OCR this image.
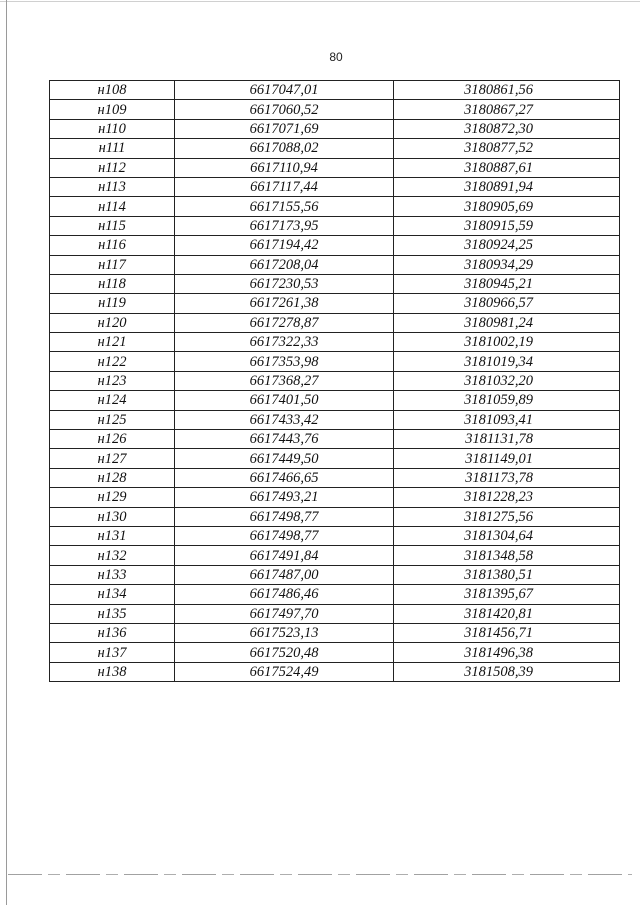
80
н108	6617047,01	3180861,56
н109	6617060,52	3180867,27
н110	6617071,69	3180872,30
н111	6617088,02	3180877,52
н112	6617110,94	3180887,61
н113	6617117,44	3180891,94
н114	6617155,56	3180905,69
н115	6617173,95	3180915,59
н116	6617194,42	3180924,25
н117	6617208,04	3180934,29
н118	6617230,53	3180945,21
н119	6617261,38	3180966,57
н120	6617278,87	3180981,24
н121	6617322,33	3181002,19
н122	6617353,98	3181019,34
н123	6617368,27	3181032,20
н124	6617401,50	3181059,89
н125	6617433,42	3181093,41
н126	6617443,76	3181131,78
н127	6617449,50	3181149,01
н128	6617466,65	3181173,78
н129	6617493,21	3181228,23
н130	6617498,77	3181275,56
н131	6617498,77	3181304,64
н132	6617491,84	3181348,58
н133	6617487,00	3181380,51
н134	6617486,46	3181395,67
н135	6617497,70	3181420,81
н136	6617523,13	3181456,71
н137	6617520,48	3181496,38
н138	6617524,49	3181508,39
